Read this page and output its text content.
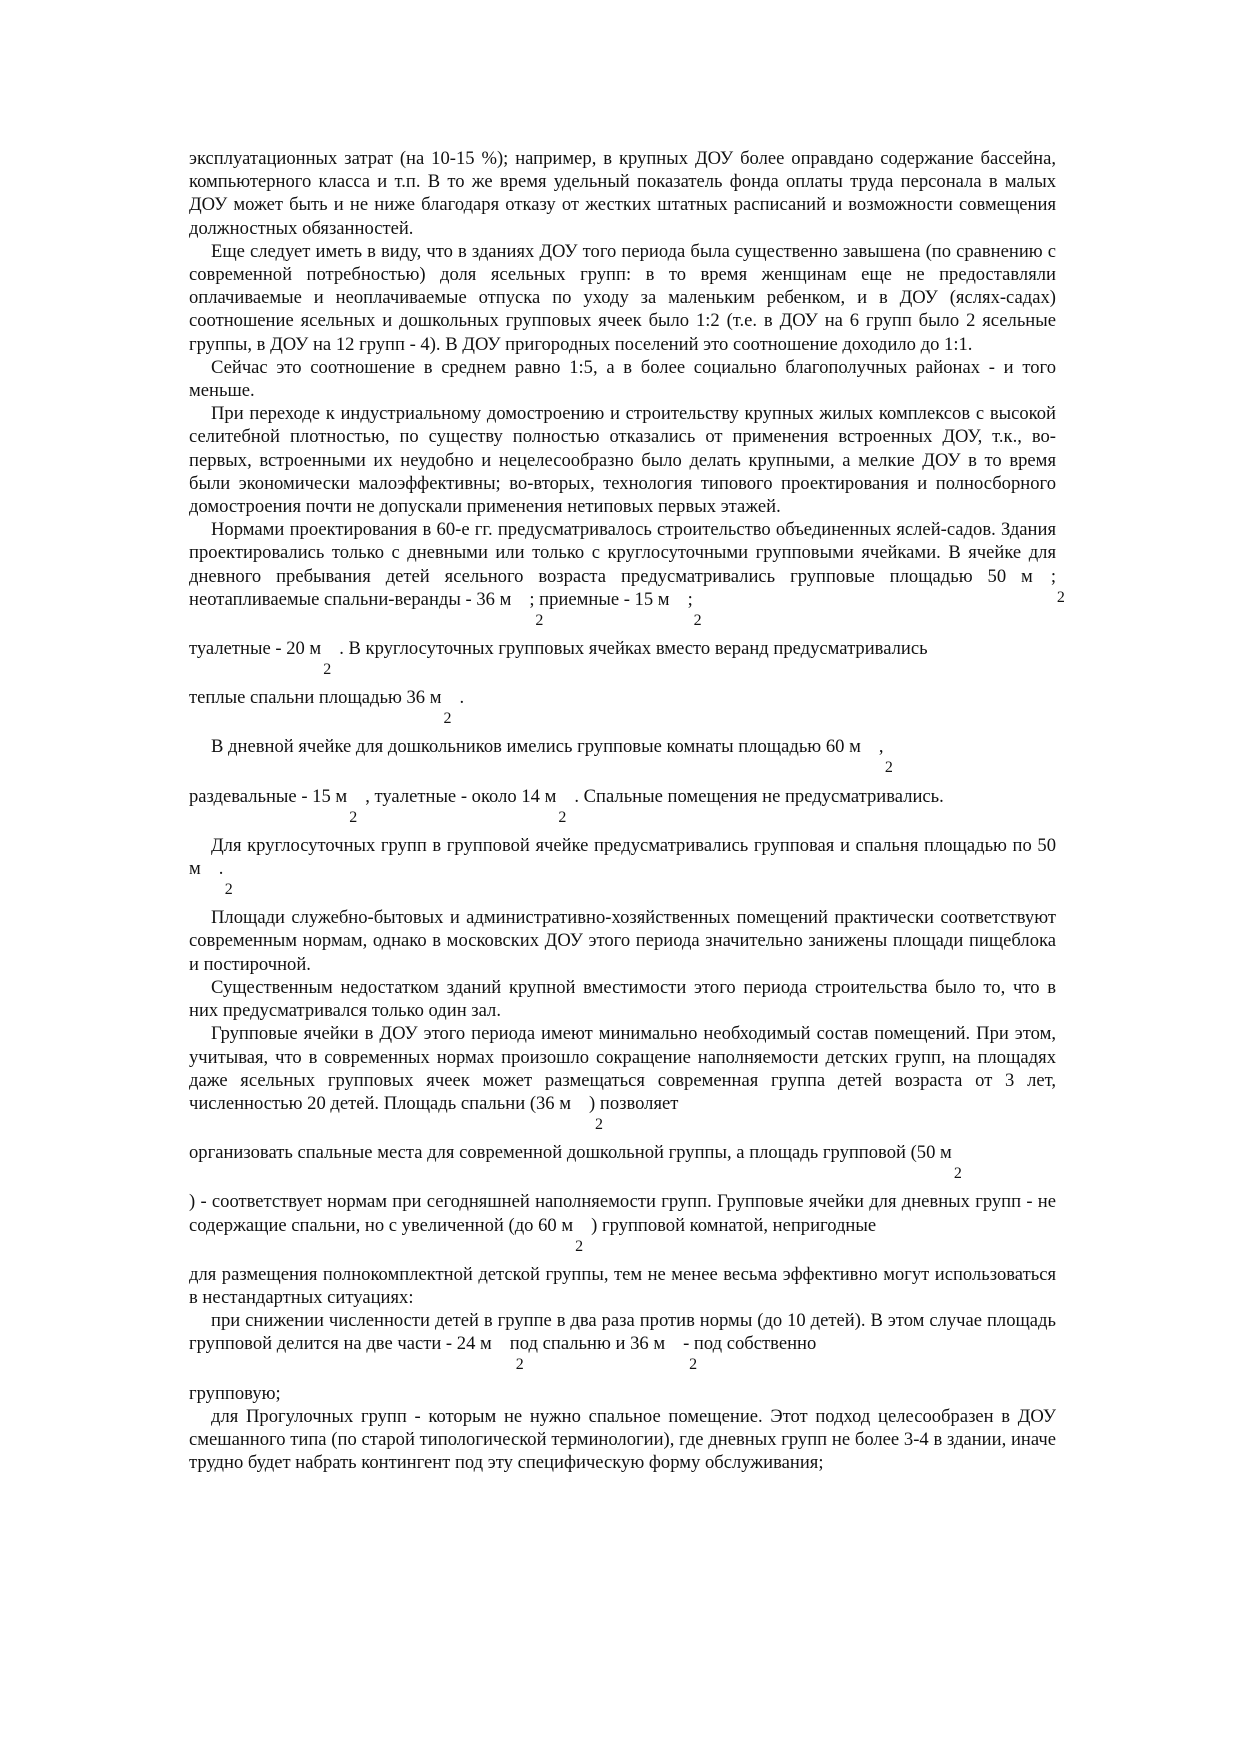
эксплуатационных затрат (на 10-15 %); например, в крупных ДОУ более оправдано содержание бассейна, компьютерного класса и т.п. В то же время удельный показатель фонда оплаты труда персонала в малых ДОУ может быть и не ниже благодаря отказу от жестких штатных расписаний и возможности совмещения должностных обязанностей.

Еще следует иметь в виду, что в зданиях ДОУ того периода была существенно завышена (по сравнению с современной потребностью) доля ясельных групп: в то время женщинам еще не предоставляли оплачиваемые и неоплачиваемые отпуска по уходу за маленьким ребенком, и в ДОУ (яслях-садах) соотношение ясельных и дошкольных групповых ячеек было 1:2 (т.е. в ДОУ на 6 групп было 2 ясельные группы, в ДОУ на 12 групп - 4). В ДОУ пригородных поселений это соотношение доходило до 1:1.

Сейчас это соотношение в среднем равно 1:5, а в более социально благополучных районах - и того меньше.

При переходе к индустриальному домостроению и строительству крупных жилых комплексов с высокой селитебной плотностью, по существу полностью отказались от применения встроенных ДОУ, т.к., во-первых, встроенными их неудобно и нецелесообразно было делать крупными, а мелкие ДОУ в то время были экономически малоэффективны; во-вторых, технология типового проектирования и полносборного домостроения почти не допускали применения нетиповых первых этажей.

Нормами проектирования в 60-е гг. предусматривалось строительство объединенных яслей-садов. Здания проектировались только с дневными или только с круглосуточными групповыми ячейками. В ячейке для дневного пребывания детей ясельного возраста предусматривались групповые площадью 50 м
2
; неотапливаемые спальни-веранды - 36 м
2
; приемные - 15 м
2
;
туалетные - 20 м
2
. В круглосуточных групповых ячейках вместо веранд предусматривались
теплые спальни площадью 36 м
2
.
В дневной ячейке для дошкольников имелись групповые комнаты площадью 60 м
2
,
раздевальные - 15 м
2
, туалетные - около 14 м
2
. Спальные помещения не предусматривались.
Для круглосуточных групп в групповой ячейке предусматривались групповая и спальня площадью по 50 м
2
.

Площади служебно-бытовых и административно-хозяйственных помещений практически соответствуют современным нормам, однако в московских ДОУ этого периода значительно занижены площади пищеблока и постирочной.

Существенным недостатком зданий крупной вместимости этого периода строительства было то, что в них предусматривался только один зал.

Групповые ячейки в ДОУ этого периода имеют минимально необходимый состав помещений. При этом, учитывая, что в современных нормах произошло сокращение наполняемости детских групп, на площадях даже ясельных групповых ячеек может размещаться современная группа детей возраста от 3 лет, численностью 20 детей. Площадь спальни (36 м
2
) позволяет
организовать спальные места для современной дошкольной группы, а площадь групповой (50 м
2
) - соответствует нормам при сегодняшней наполняемости групп. Групповые ячейки для дневных групп - не содержащие спальни, но с увеличенной (до 60 м
2
) групповой комнатой, непригодные

для размещения полнокомплектной детской группы, тем не менее весьма эффективно могут использоваться в нестандартных ситуациях:

при снижении численности детей в группе в два раза против нормы (до 10 детей). В этом случае площадь групповой делится на две части - 24 м
2
под спальню и 36 м
2
- под собственно

групповую;

для Прогулочных групп - которым не нужно спальное помещение. Этот подход целесообразен в ДОУ смешанного типа (по старой типологической терминологии), где дневных групп не более 3-4 в здании, иначе трудно будет набрать контингент под эту специфическую форму обслуживания;
